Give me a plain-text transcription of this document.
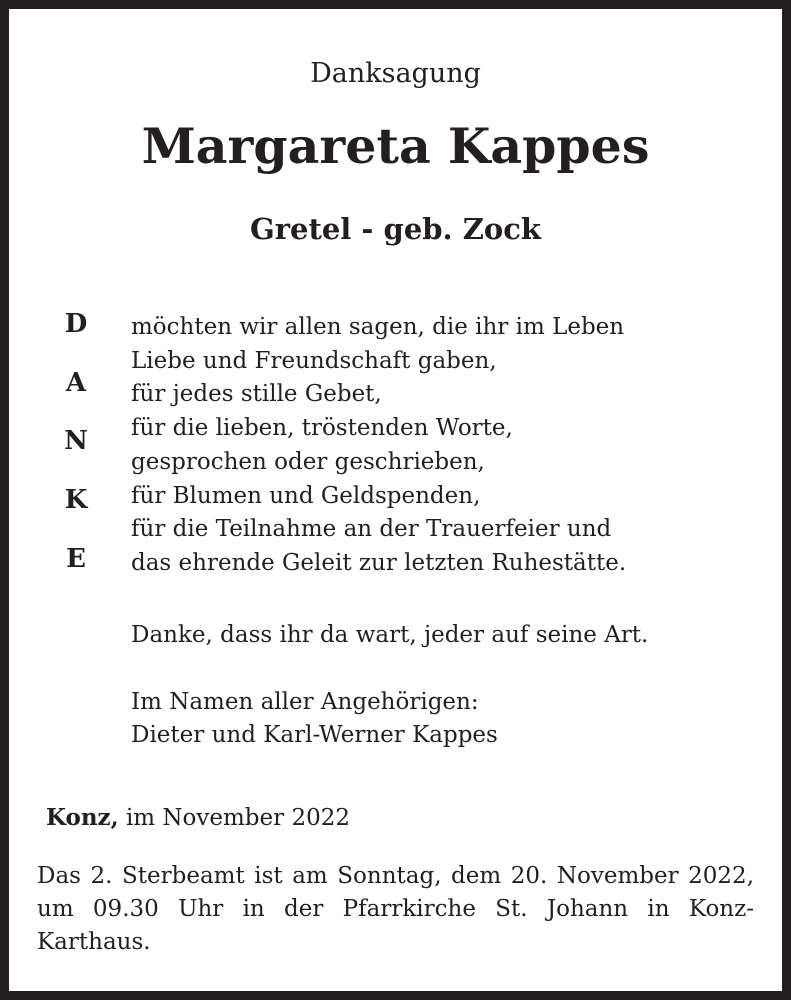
Danksagung
Margareta Kappes
Gretel - geb. Zock
D
A
N
K
E
möchten wir allen sagen, die ihr im Leben
Liebe und Freundschaft gaben,
für jedes stille Gebet,
für die lieben, tröstenden Worte,
gesprochen oder geschrieben,
für Blumen und Geldspenden,
für die Teilnahme an der Trauerfeier und
das ehrende Geleit zur letzten Ruhestätte.
Danke, dass ihr da wart, jeder auf seine Art.
Im Namen aller Angehörigen:
Dieter und Karl-Werner Kappes
Konz, im November 2022
Das 2. Sterbeamt ist am Sonntag, dem 20. November 2022, um 09.30 Uhr in der Pfarrkirche St. Johann in Konz-Karthaus.
